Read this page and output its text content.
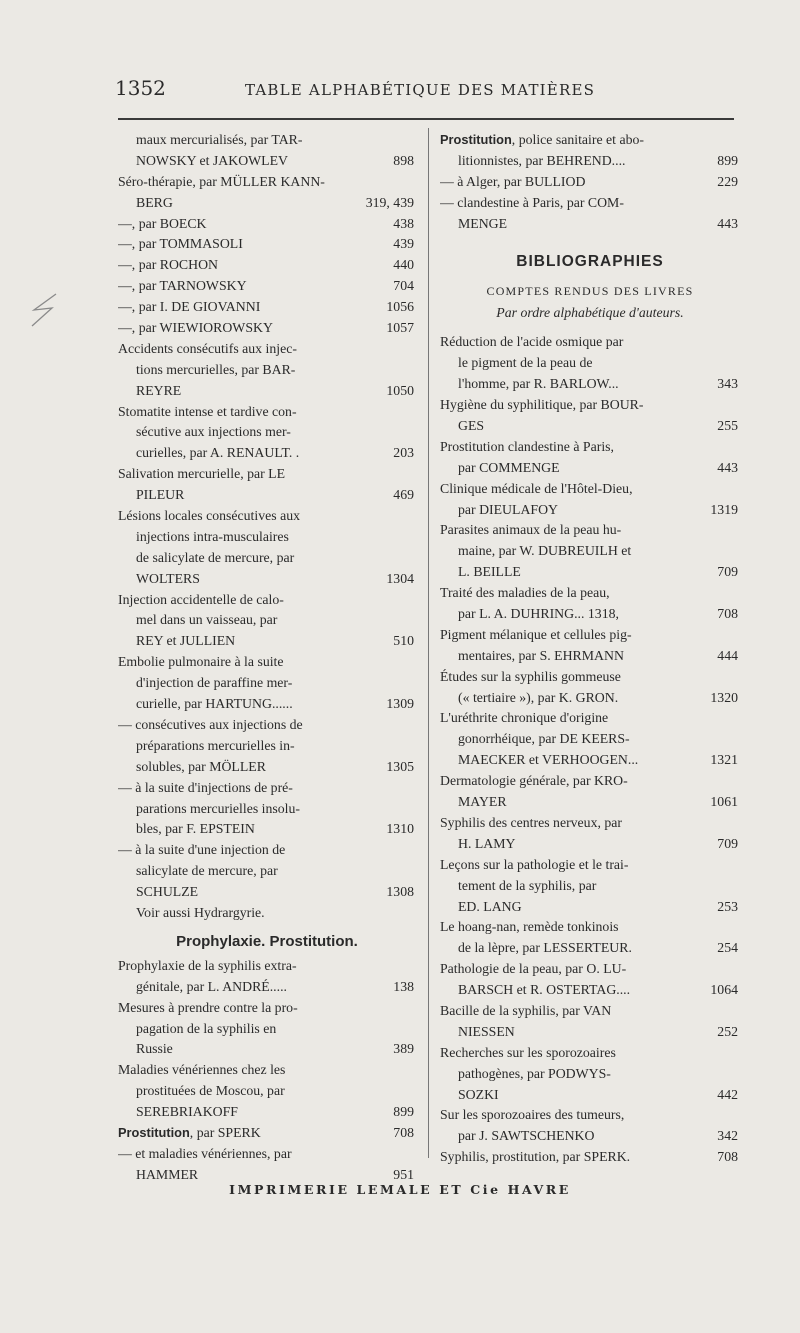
1352	TABLE ALPHABÉTIQUE DES MATIÈRES
maux mercurialisés, par TAR-
NOWSKY et JAKOWLEV	898
Séro-thérapie, par MÜLLER KANN-
BERG	319, 439
—, par BOECK	438
—, par TOMMASOLI	439
—, par ROCHON	440
—, par TARNOWSKY	704
—, par I. DE GIOVANNI	1056
—, par WIEWIOROWSKY	1057
Accidents consécutifs aux injec-
tions mercurielles, par BAR-
REYRE	1050
Stomatite intense et tardive con-
sécutive aux injections mer-
curielles, par A. RENAULT. .	203
Salivation mercurielle, par LE
PILEUR	469
Lésions locales consécutives aux
injections intra-musculaires
de salicylate de mercure, par
WOLTERS	1304
Injection accidentelle de calo-
mel dans un vaisseau, par
REY et JULLIEN	510
Embolie pulmonaire à la suite
d'injection de paraffine mer-
curielle, par HARTUNG......	1309
— consécutives aux injections de
préparations mercurielles in-
solubles, par MÖLLER	1305
— à la suite d'injections de pré-
parations mercurielles insolu-
bles, par F. EPSTEIN	1310
— à la suite d'une injection de
salicylate de mercure, par
SCHULZE	1308
Voir aussi Hydrargyrie.
Prophylaxie. Prostitution.
Prophylaxie de la syphilis extra-
génitale, par L. ANDRÉ.....	138
Mesures à prendre contre la pro-
pagation de la syphilis en
Russie	389
Maladies vénériennes chez les
prostituées de Moscou, par
SEREBRIAKOFF	899
Prostitution, par SPERK	708
— et maladies vénériennes, par
HAMMER	951
Prostitution, police sanitaire et abo-
litionnistes, par BEHREND....	899
— à Alger, par BULLIOD	229
— clandestine à Paris, par COM-
MENGE	443
BIBLIOGRAPHIES
COMPTES RENDUS DES LIVRES
Par ordre alphabétique d'auteurs.
Réduction de l'acide osmique par
le pigment de la peau de
l'homme, par R. BARLOW...	343
Hygiène du syphilitique, par BOUR-
GES	255
Prostitution clandestine à Paris,
par COMMENGE	443
Clinique médicale de l'Hôtel-Dieu,
par DIEULAFOY	1319
Parasites animaux de la peau hu-
maine, par W. DUBREUILH et
L. BEILLE	709
Traité des maladies de la peau,
par L. A. DUHRING... 1318,	708
Pigment mélanique et cellules pig-
mentaires, par S. EHRMANN	444
Études sur la syphilis gommeuse
(« tertiaire »), par K. GRON.	1320
L'uréthrite chronique d'origine
gonorrhéique, par DE KEERS-
MAECKER et VERHOOGEN...	1321
Dermatologie générale, par KRO-
MAYER	1061
Syphilis des centres nerveux, par
H. LAMY	709
Leçons sur la pathologie et le trai-
tement de la syphilis, par
ED. LANG	253
Le hoang-nan, remède tonkinois
de la lèpre, par LESSERTEUR.	254
Pathologie de la peau, par O. LU-
BARSCH et R. OSTERTAG....	1064
Bacille de la syphilis, par VAN
NIESSEN	252
Recherches sur les sporozoaires
pathogènes, par PODWYS-
SOZKI	442
Sur les sporozoaires des tumeurs,
par J. SAWTSCHENKO	342
Syphilis, prostitution, par SPERK.	708
IMPRIMERIE LEMALE ET Cie HAVRE
